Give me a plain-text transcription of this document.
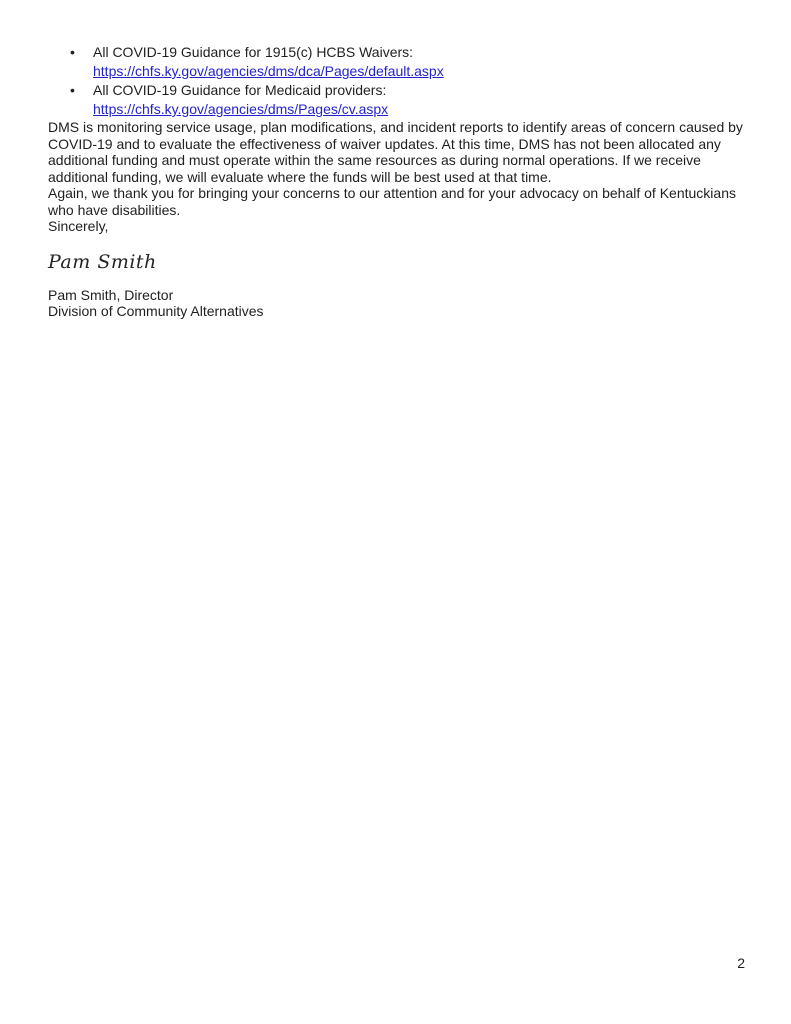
•
All COVID-19 Guidance for 1915(c) HCBS Waivers:
https://chfs.ky.gov/agencies/dms/dca/Pages/default.aspx
•
All COVID-19 Guidance for Medicaid providers:
https://chfs.ky.gov/agencies/dms/Pages/cv.aspx

DMS is monitoring service usage, plan modifications, and incident reports to identify areas of concern caused by COVID-19 and to evaluate the effectiveness of waiver updates. At this time, DMS has not been allocated any additional funding and must operate within the same resources as during normal operations. If we receive additional funding, we will evaluate where the funds will be best used at that time.

Again, we thank you for bringing your concerns to our attention and for your advocacy on behalf of Kentuckians who have disabilities.

Sincerely,

Pam Smith
Pam Smith, Director
Division of Community Alternatives
2
